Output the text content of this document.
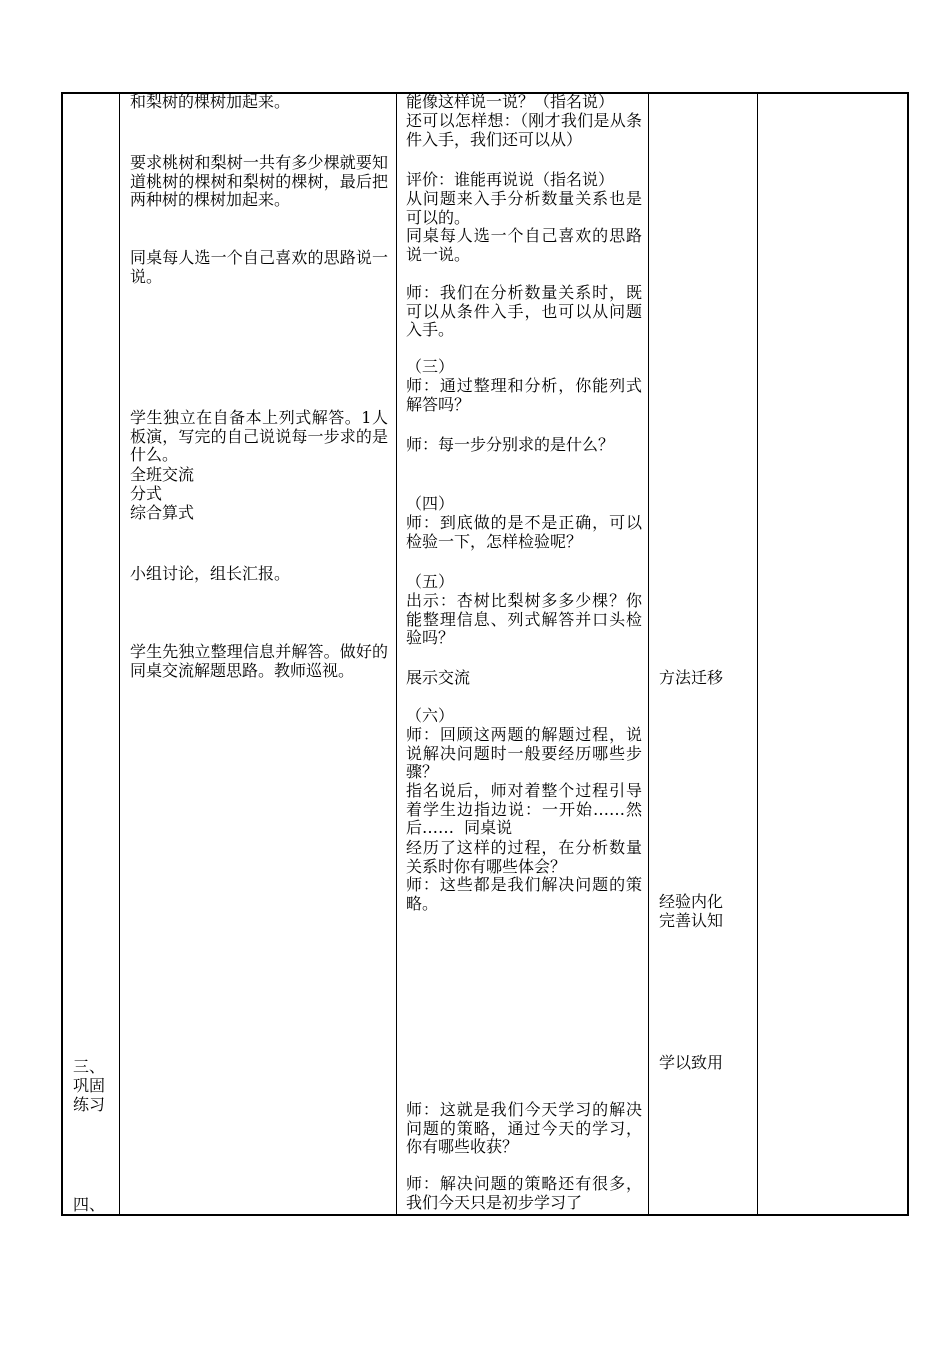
三、
巩固
练习
四、
和梨树的棵树加起来。
要求桃树和梨树一共有多少棵就要知道桃树的棵树和梨树的棵树，最后把两种树的棵树加起来。
同桌每人选一个自己喜欢的思路说一说。
学生独立在自备本上列式解答。1人板演，写完的自己说说每一步求的是什么。
全班交流
分式
综合算式
小组讨论，组长汇报。
学生先独立整理信息并解答。做好的同桌交流解题思路。教师巡视。
能像这样说一说？（指名说）
还可以怎样想：（刚才我们是从条件入手，我们还可以从）
评价：谁能再说说（指名说）
从问题来入手分析数量关系也是可以的。
同桌每人选一个自己喜欢的思路说一说。
师：我们在分析数量关系时，既可以从条件入手，也可以从问题入手。
（三）
师：通过整理和分析，你能列式解答吗？
师：每一步分别求的是什么？
（四）
师：到底做的是不是正确，可以检验一下，怎样检验呢？
（五）
出示：杏树比梨树多多少棵？你能整理信息、列式解答并口头检验吗？
展示交流
（六）
师：回顾这两题的解题过程，说说解决问题时一般要经历哪些步骤？
指名说后，师对着整个过程引导着学生边指边说：一开始……然后……  同桌说
经历了这样的过程，在分析数量关系时你有哪些体会？
师：这些都是我们解决问题的策略。
师：这就是我们今天学习的解决问题的策略，通过今天的学习，你有哪些收获？
师：解决问题的策略还有很多，我们今天只是初步学习了
方法迁移
经验内化
完善认知
学以致用
